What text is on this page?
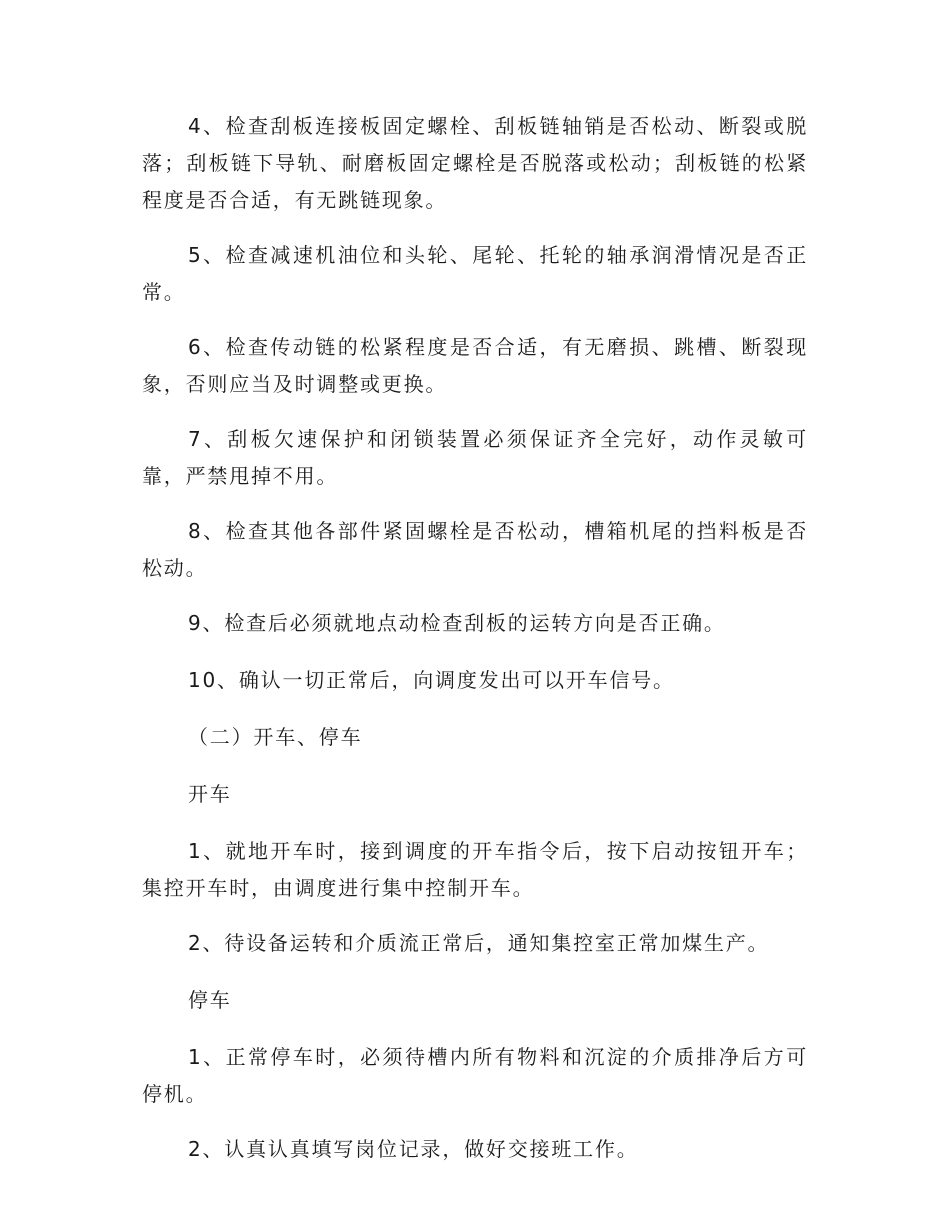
4、检查刮板连接板固定螺栓、刮板链轴销是否松动、断裂或脱落；刮板链下导轨、耐磨板固定螺栓是否脱落或松动；刮板链的松紧程度是否合适，有无跳链现象。

5、检查减速机油位和头轮、尾轮、托轮的轴承润滑情况是否正常。

6、检查传动链的松紧程度是否合适，有无磨损、跳槽、断裂现象，否则应当及时调整或更换。

7、刮板欠速保护和闭锁装置必须保证齐全完好，动作灵敏可靠，严禁甩掉不用。

8、检查其他各部件紧固螺栓是否松动，槽箱机尾的挡料板是否松动。

9、检查后必须就地点动检查刮板的运转方向是否正确。

10、确认一切正常后，向调度发出可以开车信号。

（二）开车、停车

开车

1、就地开车时，接到调度的开车指令后，按下启动按钮开车；集控开车时，由调度进行集中控制开车。

2、待设备运转和介质流正常后，通知集控室正常加煤生产。

停车

1、正常停车时，必须待槽内所有物料和沉淀的介质排净后方可停机。

2、认真认真填写岗位记录，做好交接班工作。
